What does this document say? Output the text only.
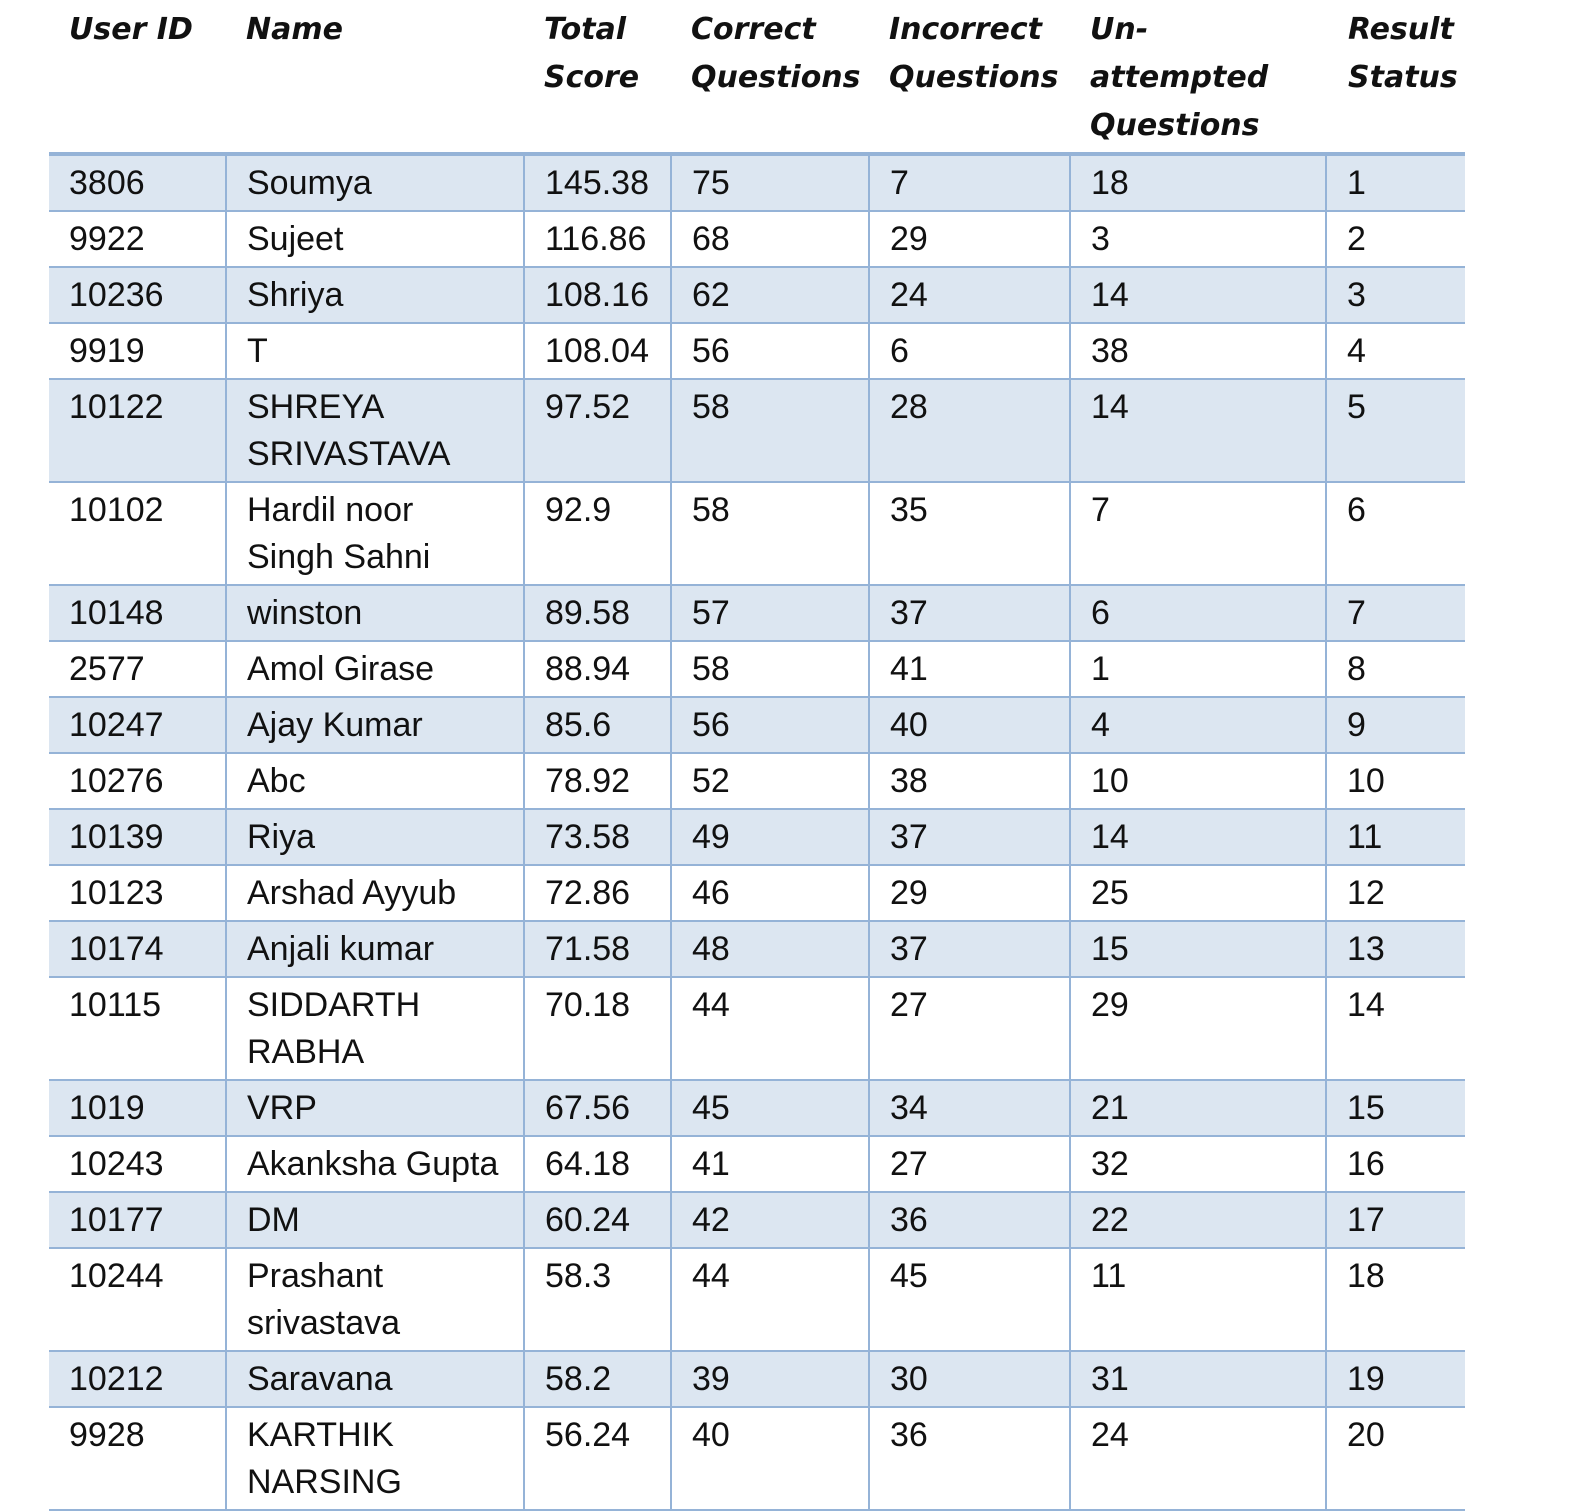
User ID	Name	Total Score	Correct Questions	Incorrect Questions	Un-attempted Questions	Result Status
3806	Soumya	145.38	75	7	18	1
9922	Sujeet	116.86	68	29	3	2
10236	Shriya	108.16	62	24	14	3
9919	T	108.04	56	6	38	4
10122	SHREYA SRIVASTAVA	97.52	58	28	14	5
10102	Hardil noor Singh Sahni	92.9	58	35	7	6
10148	winston	89.58	57	37	6	7
2577	Amol Girase	88.94	58	41	1	8
10247	Ajay Kumar	85.6	56	40	4	9
10276	Abc	78.92	52	38	10	10
10139	Riya	73.58	49	37	14	11
10123	Arshad Ayyub	72.86	46	29	25	12
10174	Anjali kumar	71.58	48	37	15	13
10115	SIDDARTH RABHA	70.18	44	27	29	14
1019	VRP	67.56	45	34	21	15
10243	Akanksha Gupta	64.18	41	27	32	16
10177	DM	60.24	42	36	22	17
10244	Prashant srivastava	58.3	44	45	11	18
10212	Saravana	58.2	39	30	31	19
9928	KARTHIK NARSING	56.24	40	36	24	20
